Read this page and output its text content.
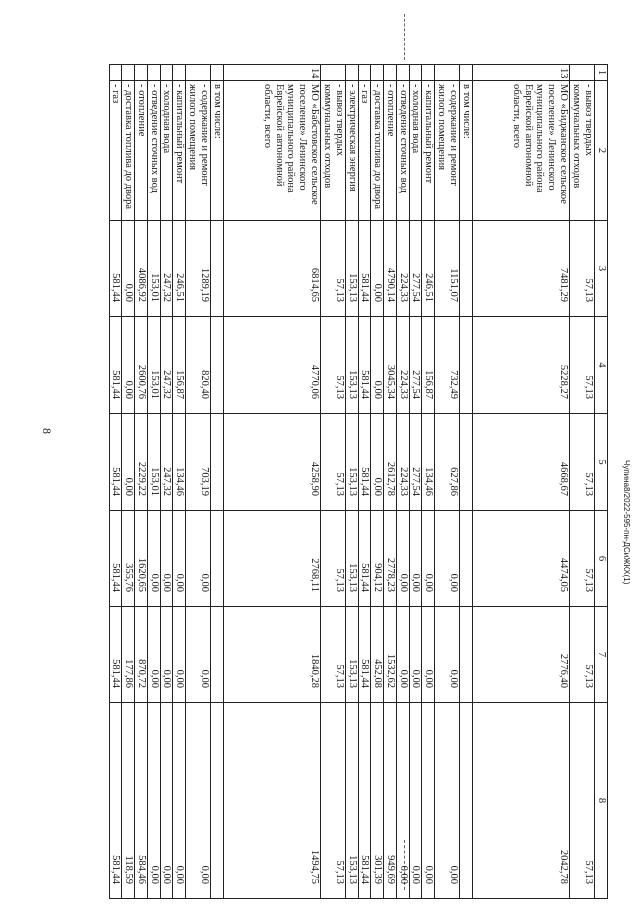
8
Чупина8/2022-595-пн-ДСиЖКХ(1)
1	2	3	4	5	6	7	8
	- вывоз твердых коммунальных отходов	57,13	57,13	57,13	57,13	57,13	57,13
13	МО «Биджанское сельское поселение» Ленинского муниципального района Еврейской автономной области, всего	7481,29	5228,27	4668,67	4474,05	2776,40	2042,78
	в том числе:						
	- содержание и ремонт жилого помещения	1151,07	732,49	627,86	0,00	0,00	0,00
	- капитальный ремонт	246,51	156,87	134,46	0,00	0,00	0,00
	- холодная вода	277,54	277,54	277,54	0,00	0,00	0,00
	- отведение сточных вод	224,33	224,33	224,33	0,00	0,00	0,00
	- отопление	4790,14	3045,34	2612,78	2778,23	1532,62	949,69
	- доставка топлива до двора	0,00	0,00	0,00	904,12	452,08	301,39
	- газ	581,44	581,44	581,44	581,44	581,44	581,44
	- электрическая энергия	153,13	153,13	153,13	153,13	153,13	153,13
	- вывоз твердых коммунальных отходов	57,13	57,13	57,13	57,13	57,13	57,13
14	МО «Бабстовское сельское поселение» Ленинского муниципального района Еврейской автономной области, всего	6814,65	4770,06	4258,90	2768,11	1840,28	1494,75
	в том числе:						
	- содержание и ремонт жилого помещения	1289,19	820,40	703,19	0,00	0,00	0,00
	- капитальный ремонт	246,51	156,87	134,46	0,00	0,00	0,00
	- холодная вода	247,32	247,32	247,32	0,00	0,00	0,00
	- отведение сточных вод	153,01	153,01	153,01	0,00	0,00	0,00
	- отопление	4086,92	2600,76	2229,22	1620,65	870,72	584,46
	- доставка топлива до двора	0,00	0,00	0,00	355,76	177,86	118,59
	- газ	581,44	581,44	581,44	581,44	581,44	581,44
